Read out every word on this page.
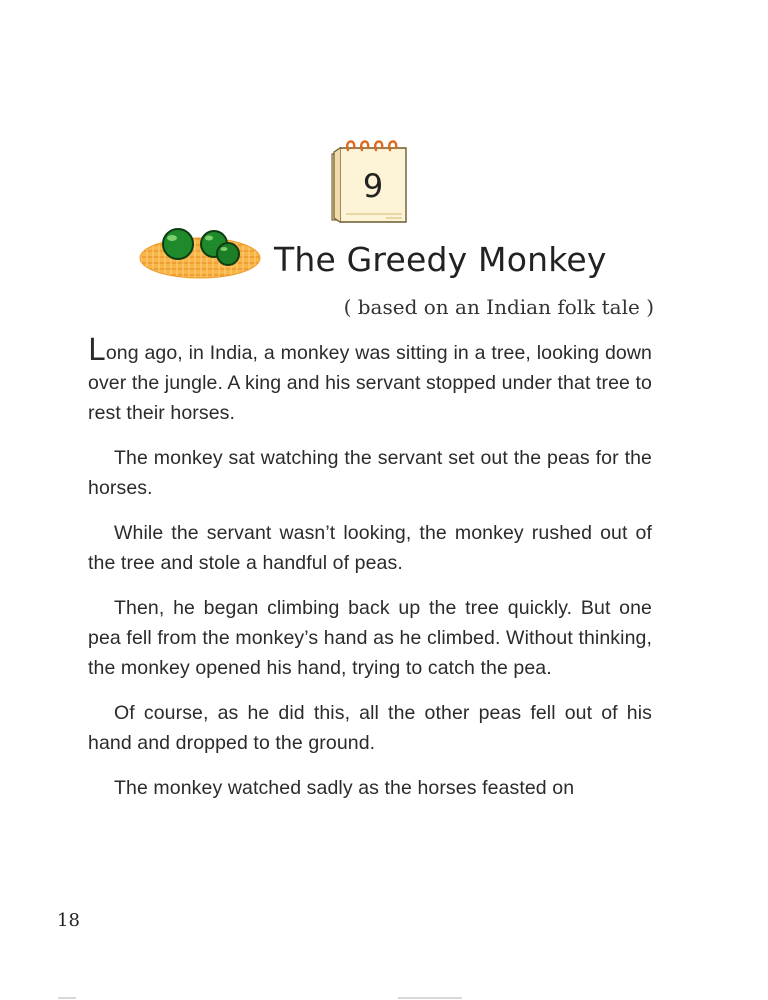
9
The Greedy Monkey
( based on an Indian folk tale )

Long ago, in India, a monkey was sitting in a tree, looking down over the jungle. A king and his servant stopped under that tree to rest their horses.

The monkey sat watching the servant set out the peas for the horses.

While the servant wasn’t looking, the monkey rushed out of the tree and stole a handful of peas.

Then, he began climbing back up the tree quickly. But one pea fell from the monkey’s hand as he climbed. Without thinking, the monkey opened his hand, trying to catch the pea.

Of course, as he did this, all the other peas fell out of his hand and dropped to the ground.

The monkey watched sadly as the horses feasted on

18
